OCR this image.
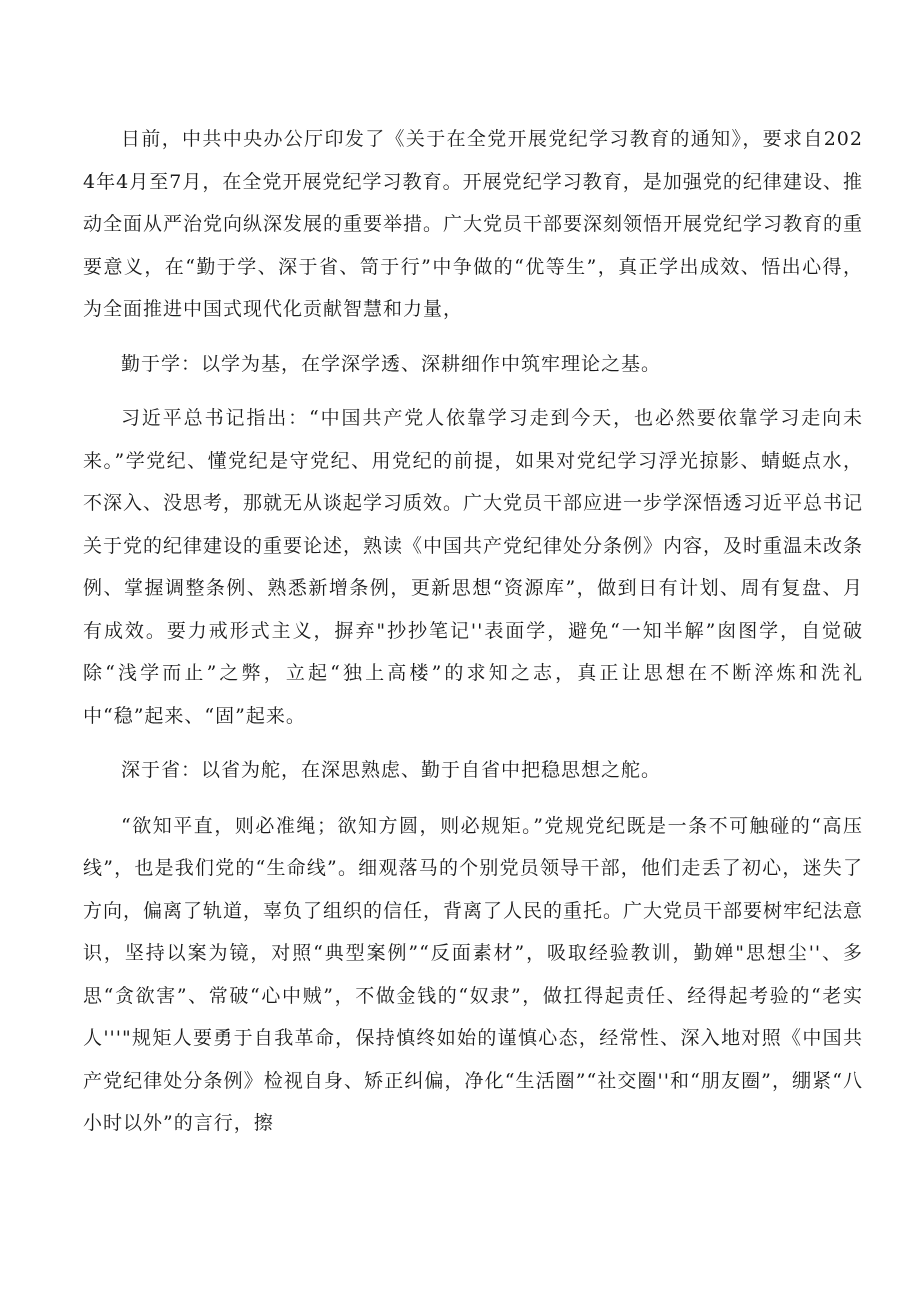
日前，中共中央办公厅印发了《关于在全党开展党纪学习教育的通知》，要求自2024年4月至7月，在全党开展党纪学习教育。开展党纪学习教育，是加强党的纪律建设、推动全面从严治党向纵深发展的重要举措。广大党员干部要深刻领悟开展党纪学习教育的重要意义，在“勤于学、深于省、笥于行”中争做的“优等生”，真正学出成效、悟出心得，为全面推进中国式现代化贡献智慧和力量，

勤于学：以学为基，在学深学透、深耕细作中筑牢理论之基。

习近平总书记指出：“中国共产党人依靠学习走到今天，也必然要依靠学习走向未来。”学党纪、懂党纪是守党纪、用党纪的前提，如果对党纪学习浮光掠影、蜻蜓点水，不深入、没思考，那就无从谈起学习质效。广大党员干部应进一步学深悟透习近平总书记关于党的纪律建设的重要论述，熟读《中国共产党纪律处分条例》内容，及时重温未改条例、掌握调整条例、熟悉新增条例，更新思想“资源库”，做到日有计划、周有复盘、月有成效。要力戒形式主义，摒弃"抄抄笔记''表面学，避免“一知半解”囱图学，自觉破除“浅学而止”之弊，立起“独上高楼”的求知之志，真正让思想在不断淬炼和洗礼中“稳”起来、“固”起来。

深于省：以省为舵，在深思熟虑、勤于自省中把稳思想之舵。

“欲知平直，则必准绳；欲知方圆，则必规矩。”党规党纪既是一条不可触碰的“高压线”，也是我们党的“生命线”。细观落马的个别党员领导干部，他们走丢了初心，迷失了方向，偏离了轨道，辜负了组织的信任，背离了人民的重托。广大党员干部要树牢纪法意识，坚持以案为镜，对照“典型案例”“反面素材”，吸取经验教训，勤婵"思想尘''、多思“贪欲害”、常破“心中贼”，不做金钱的“奴隶”，做扛得起责任、经得起考验的“老实人'''"规矩人要勇于自我革命，保持慎终如始的谨慎心态，经常性、深入地对照《中国共产党纪律处分条例》检视自身、矫正纠偏，净化“生活圈”“社交圈''和“朋友圈”，绷紧“八小时以外”的言行，擦
